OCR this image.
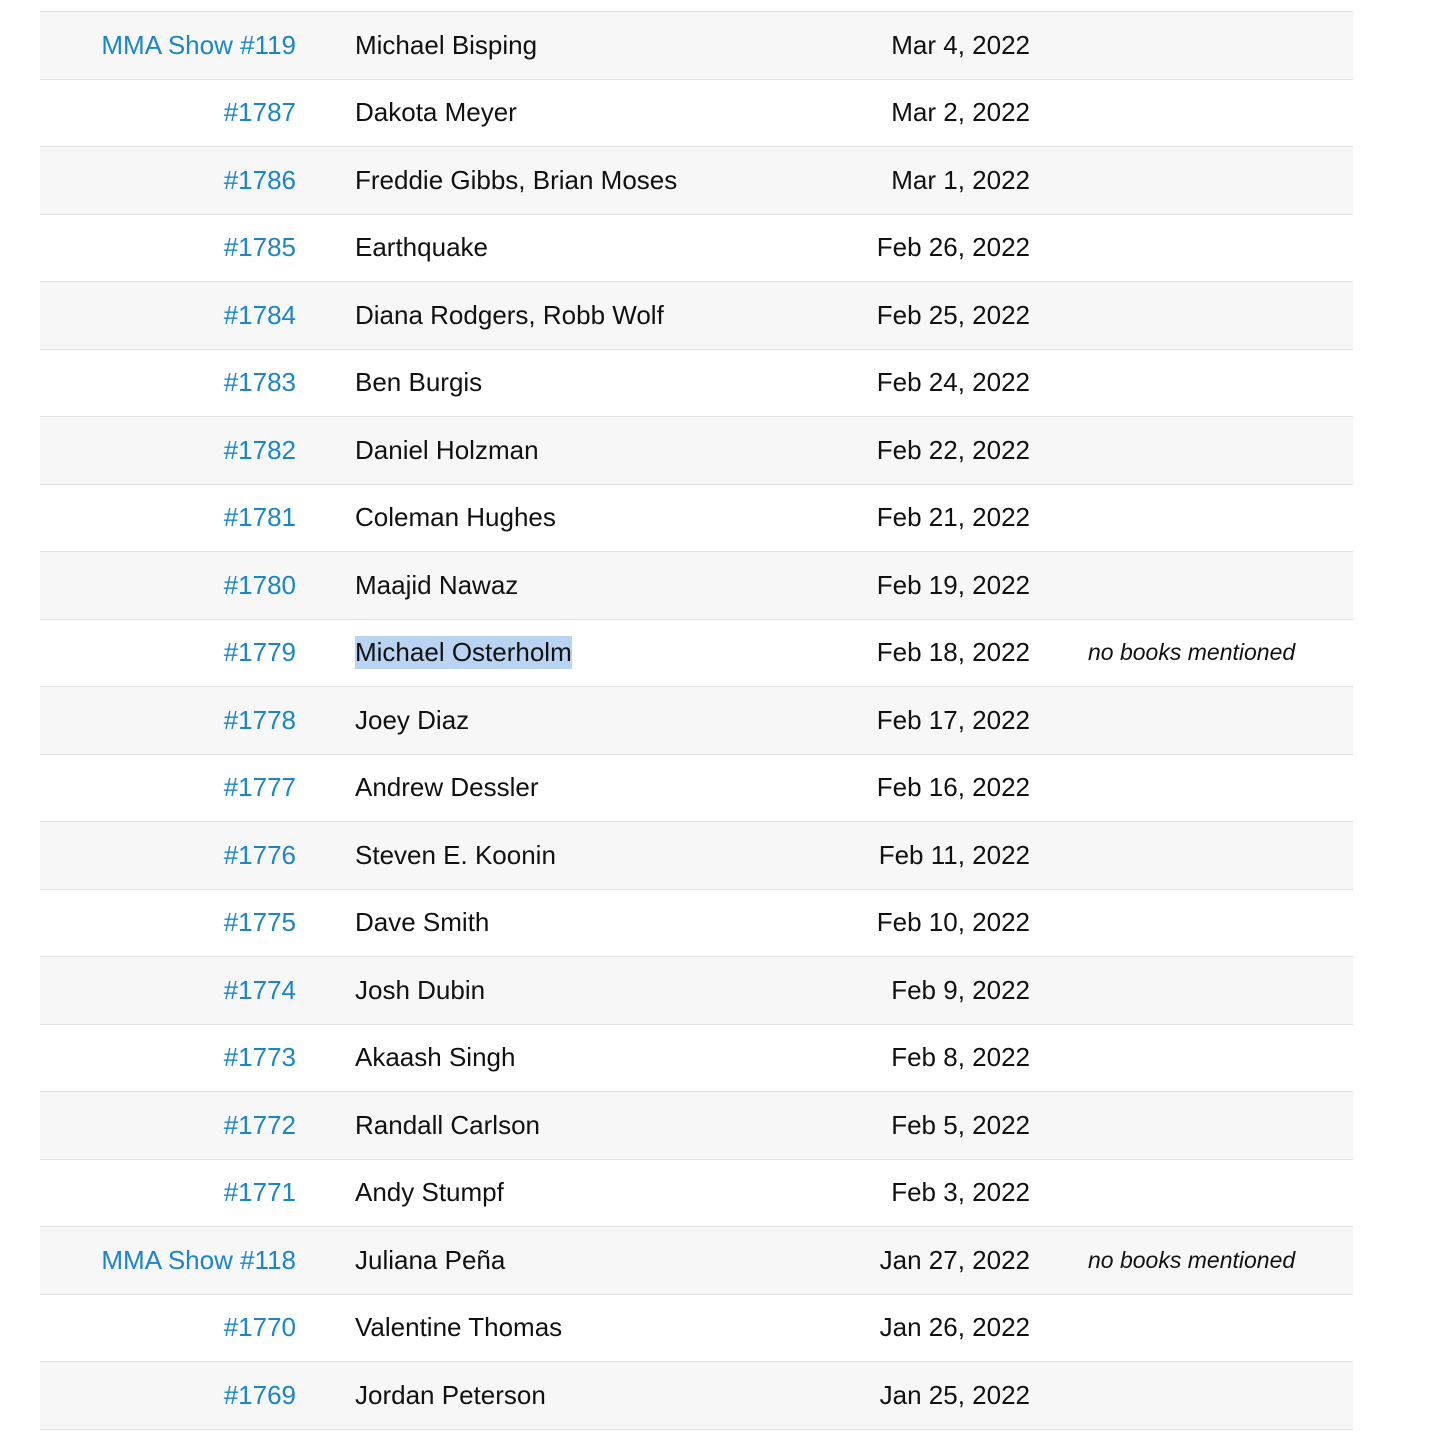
MMA Show #119 Michael Bisping	Mar 4, 2022
#1787 Dakota Meyer	Mar 2, 2022
#1786 Freddie Gibbs, Brian Moses	Mar 1, 2022
#1785 Earthquake	Feb 26, 2022
#1784 Diana Rodgers, Robb Wolf	Feb 25, 2022
#1783 Ben Burgis	Feb 24, 2022
#1782 Daniel Holzman	Feb 22, 2022
#1781 Coleman Hughes	Feb 21, 2022
#1780 Maajid Nawaz	Feb 19, 2022
#1779 Michael Osterholm	Feb 18, 2022	no books mentioned
#1778 Joey Diaz	Feb 17, 2022
#1777 Andrew Dessler	Feb 16, 2022
#1776 Steven E. Koonin	Feb 11, 2022
#1775 Dave Smith	Feb 10, 2022
#1774 Josh Dubin	Feb 9, 2022
#1773 Akaash Singh	Feb 8, 2022
#1772 Randall Carlson	Feb 5, 2022
#1771 Andy Stumpf	Feb 3, 2022
MMA Show #118 Juliana Peña	Jan 27, 2022	no books mentioned
#1770 Valentine Thomas	Jan 26, 2022
#1769 Jordan Peterson	Jan 25, 2022
